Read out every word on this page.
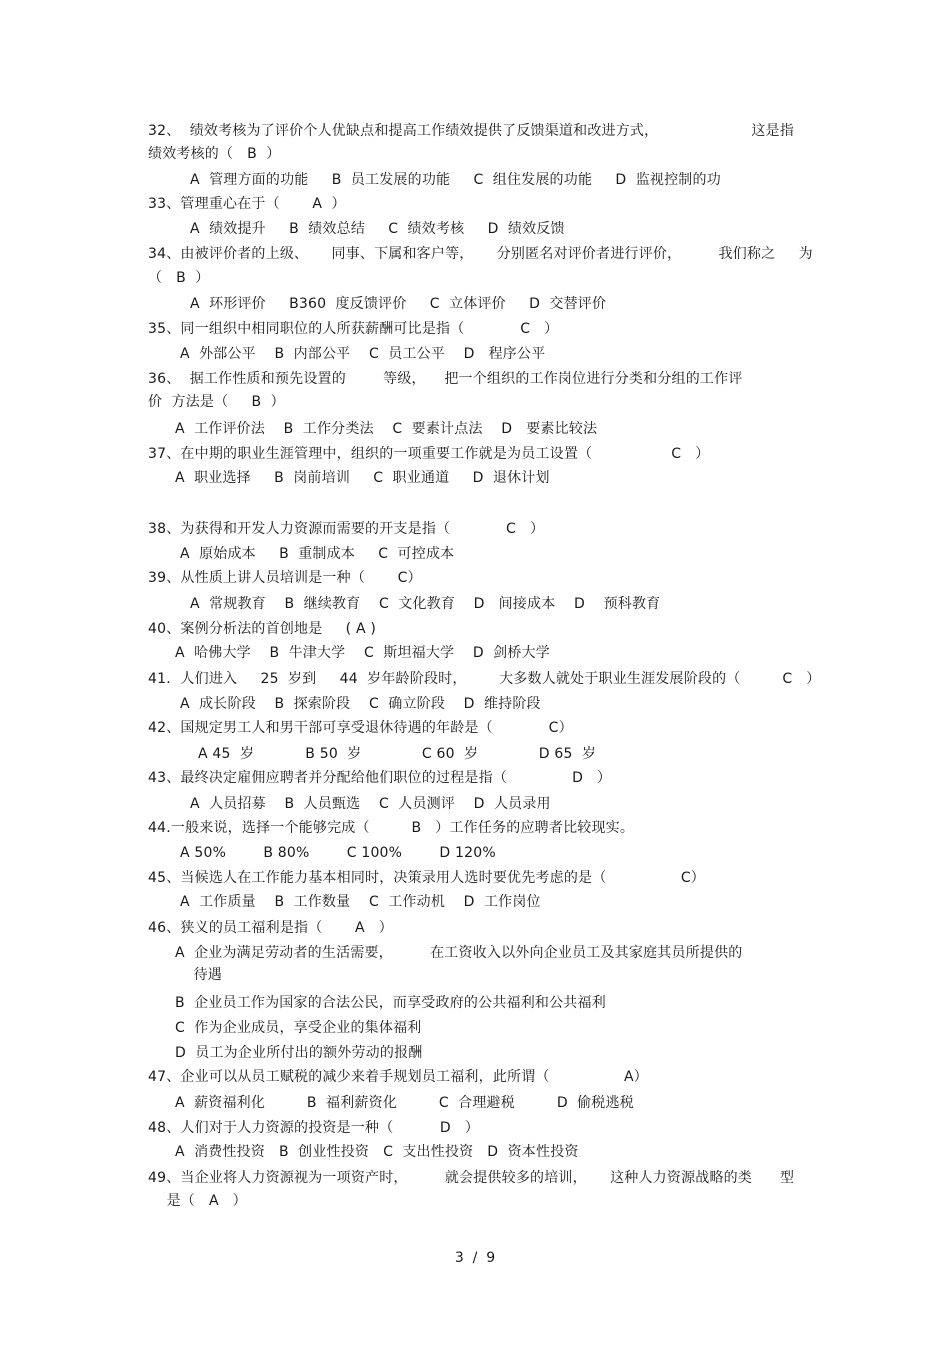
32、  绩效考核为了评价个人优缺点和提高工作绩效提供了反馈渠道和改进方式，                    这是指
绩效考核的（   B  ）
A  管理方面的功能     B  员工发展的功能     C  组住发展的功能     D  监视控制的功
33、管理重心在于（       A  ）
A  绩效提升     B  绩效总结     C  绩效考核     D  绩效反馈
34、由被评价者的上级、     同事、下属和客户等，     分别匿名对评价者进行评价，        我们称之     为
（   B  ）
A  环形评价     B360  度反馈评价     C  立体评价     D  交替评价
35、同一组织中相同职位的人所获薪酬可比是指（            C   ）
A  外部公平    B  内部公平    C  员工公平    D   程序公平
36、  据工作性质和预先设置的        等级，    把一个组织的工作岗位进行分类和分组的工作评
价  方法是（     B  ）
A  工作评价法    B  工作分类法    C  要素计点法    D   要素比较法
37、在中期的职业生涯管理中，组织的一项重要工作就是为员工设置（                 C   ）
A  职业选择     B  岗前培训     C  职业通道     D  退休计划
38、为获得和开发人力资源而需要的开支是指（            C   ）
A  原始成本     B  重制成本     C  可控成本
39、从性质上讲人员培训是一种（       C）
A  常规教育    B  继续教育    C  文化教育    D   间接成本    D    预科教育
40、案例分析法的首创地是     ( A )
A  哈佛大学    B  牛津大学    C  斯坦福大学    D  剑桥大学
41．人们进入     25  岁到     44  岁年龄阶段时，       大多数人就处于职业生涯发展阶段的（         C   ）
A  成长阶段    B  探索阶段    C  确立阶段    D  维持阶段
42、国规定男工人和男干部可享受退休待遇的年龄是（            C）
A 45  岁           B 50  岁             C 60  岁             D 65  岁
43、最终决定雇佣应聘者并分配给他们职位的过程是指（              D   ）
A  人员招募    B  人员甄选    C  人员测评    D  人员录用
44.一般来说，选择一个能够完成（         B   ）工作任务的应聘者比较现实。
A 50%        B 80%        C 100%        D 120%
45、当候选人在工作能力基本相同时，决策录用人选时要优先考虑的是（                C）
A  工作质量    B  工作数量    C  工作动机    D  工作岗位
46、狭义的员工福利是指（       A   ）
A  企业为满足劳动者的生活需要，        在工资收入以外向企业员工及其家庭其员所提供的
待遇
B  企业员工作为国家的合法公民，而享受政府的公共福利和公共福利
C  作为企业成员，享受企业的集体福利
D  员工为企业所付出的额外劳动的报酬
47、企业可以从员工赋税的减少来着手规划员工福利，此所谓（                A）
A  薪资福利化         B  福利薪资化         C  合理避税         D  偷税逃税
48、人们对于人力资源的投资是一种（          D   ）
A  消费性投资   B  创业性投资   C  支出性投资   D  资本性投资
49、当企业将人力资源视为一项资产时，        就会提供较多的培训，     这种人力资源战略的类      型
是（   A   ）
3  /  9
